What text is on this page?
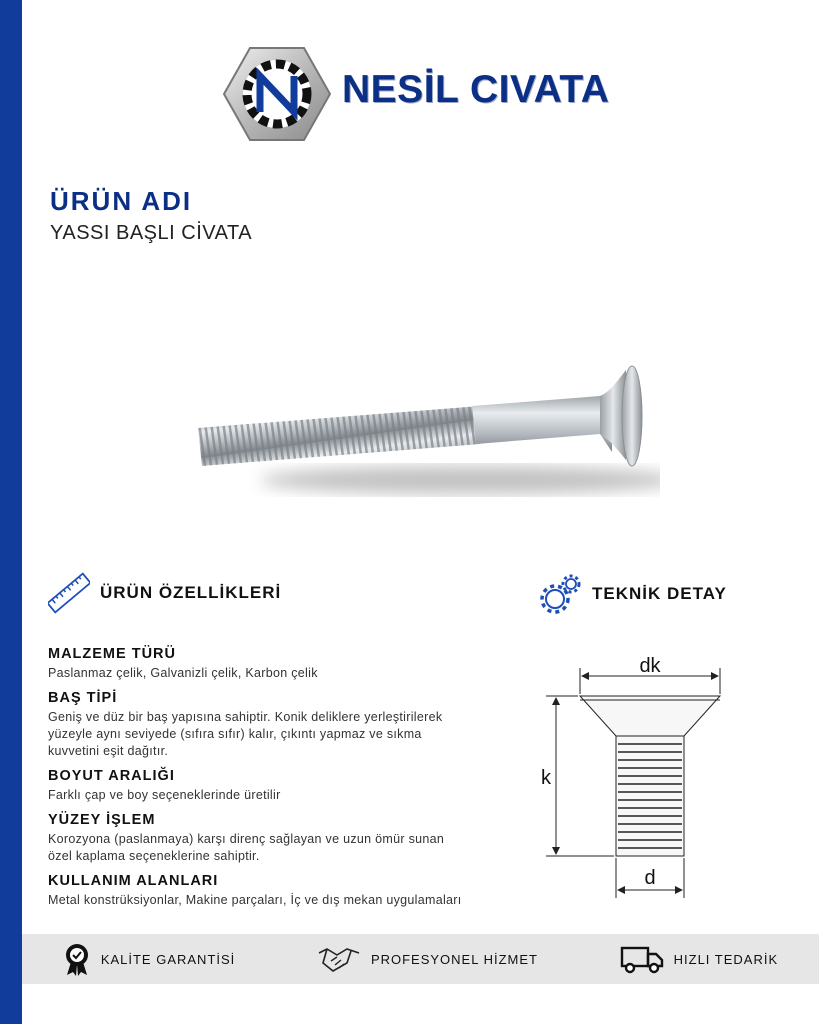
NESİL CIVATA
ÜRÜN ADI
YASSI BAŞLI CİVATA
ÜRÜN ÖZELLİKLERİ	TEKNİK DETAY
MALZEME TÜRÜ
Paslanmaz çelik, Galvanizli çelik, Karbon çelik
BAŞ TİPİ
Geniş ve düz bir baş yapısına sahiptir. Konik deliklere yerleştirilerek yüzeyle aynı seviyede (sıfıra sıfır) kalır, çıkıntı yapmaz ve sıkma kuvvetini eşit dağıtır.
BOYUT ARALIĞI
Farklı çap ve boy seçeneklerinde üretilir
YÜZEY İŞLEM
Korozyona (paslanmaya) karşı direnç sağlayan ve uzun ömür sunan özel kaplama seçeneklerine sahiptir.
KULLANIM ALANLARI
Metal konstrüksiyonlar, Makine parçaları, İç ve dış mekan uygulamaları
dk
k
d
KALİTE GARANTİSİ	PROFESYONEL HİZMET	HIZLI TEDARİK
